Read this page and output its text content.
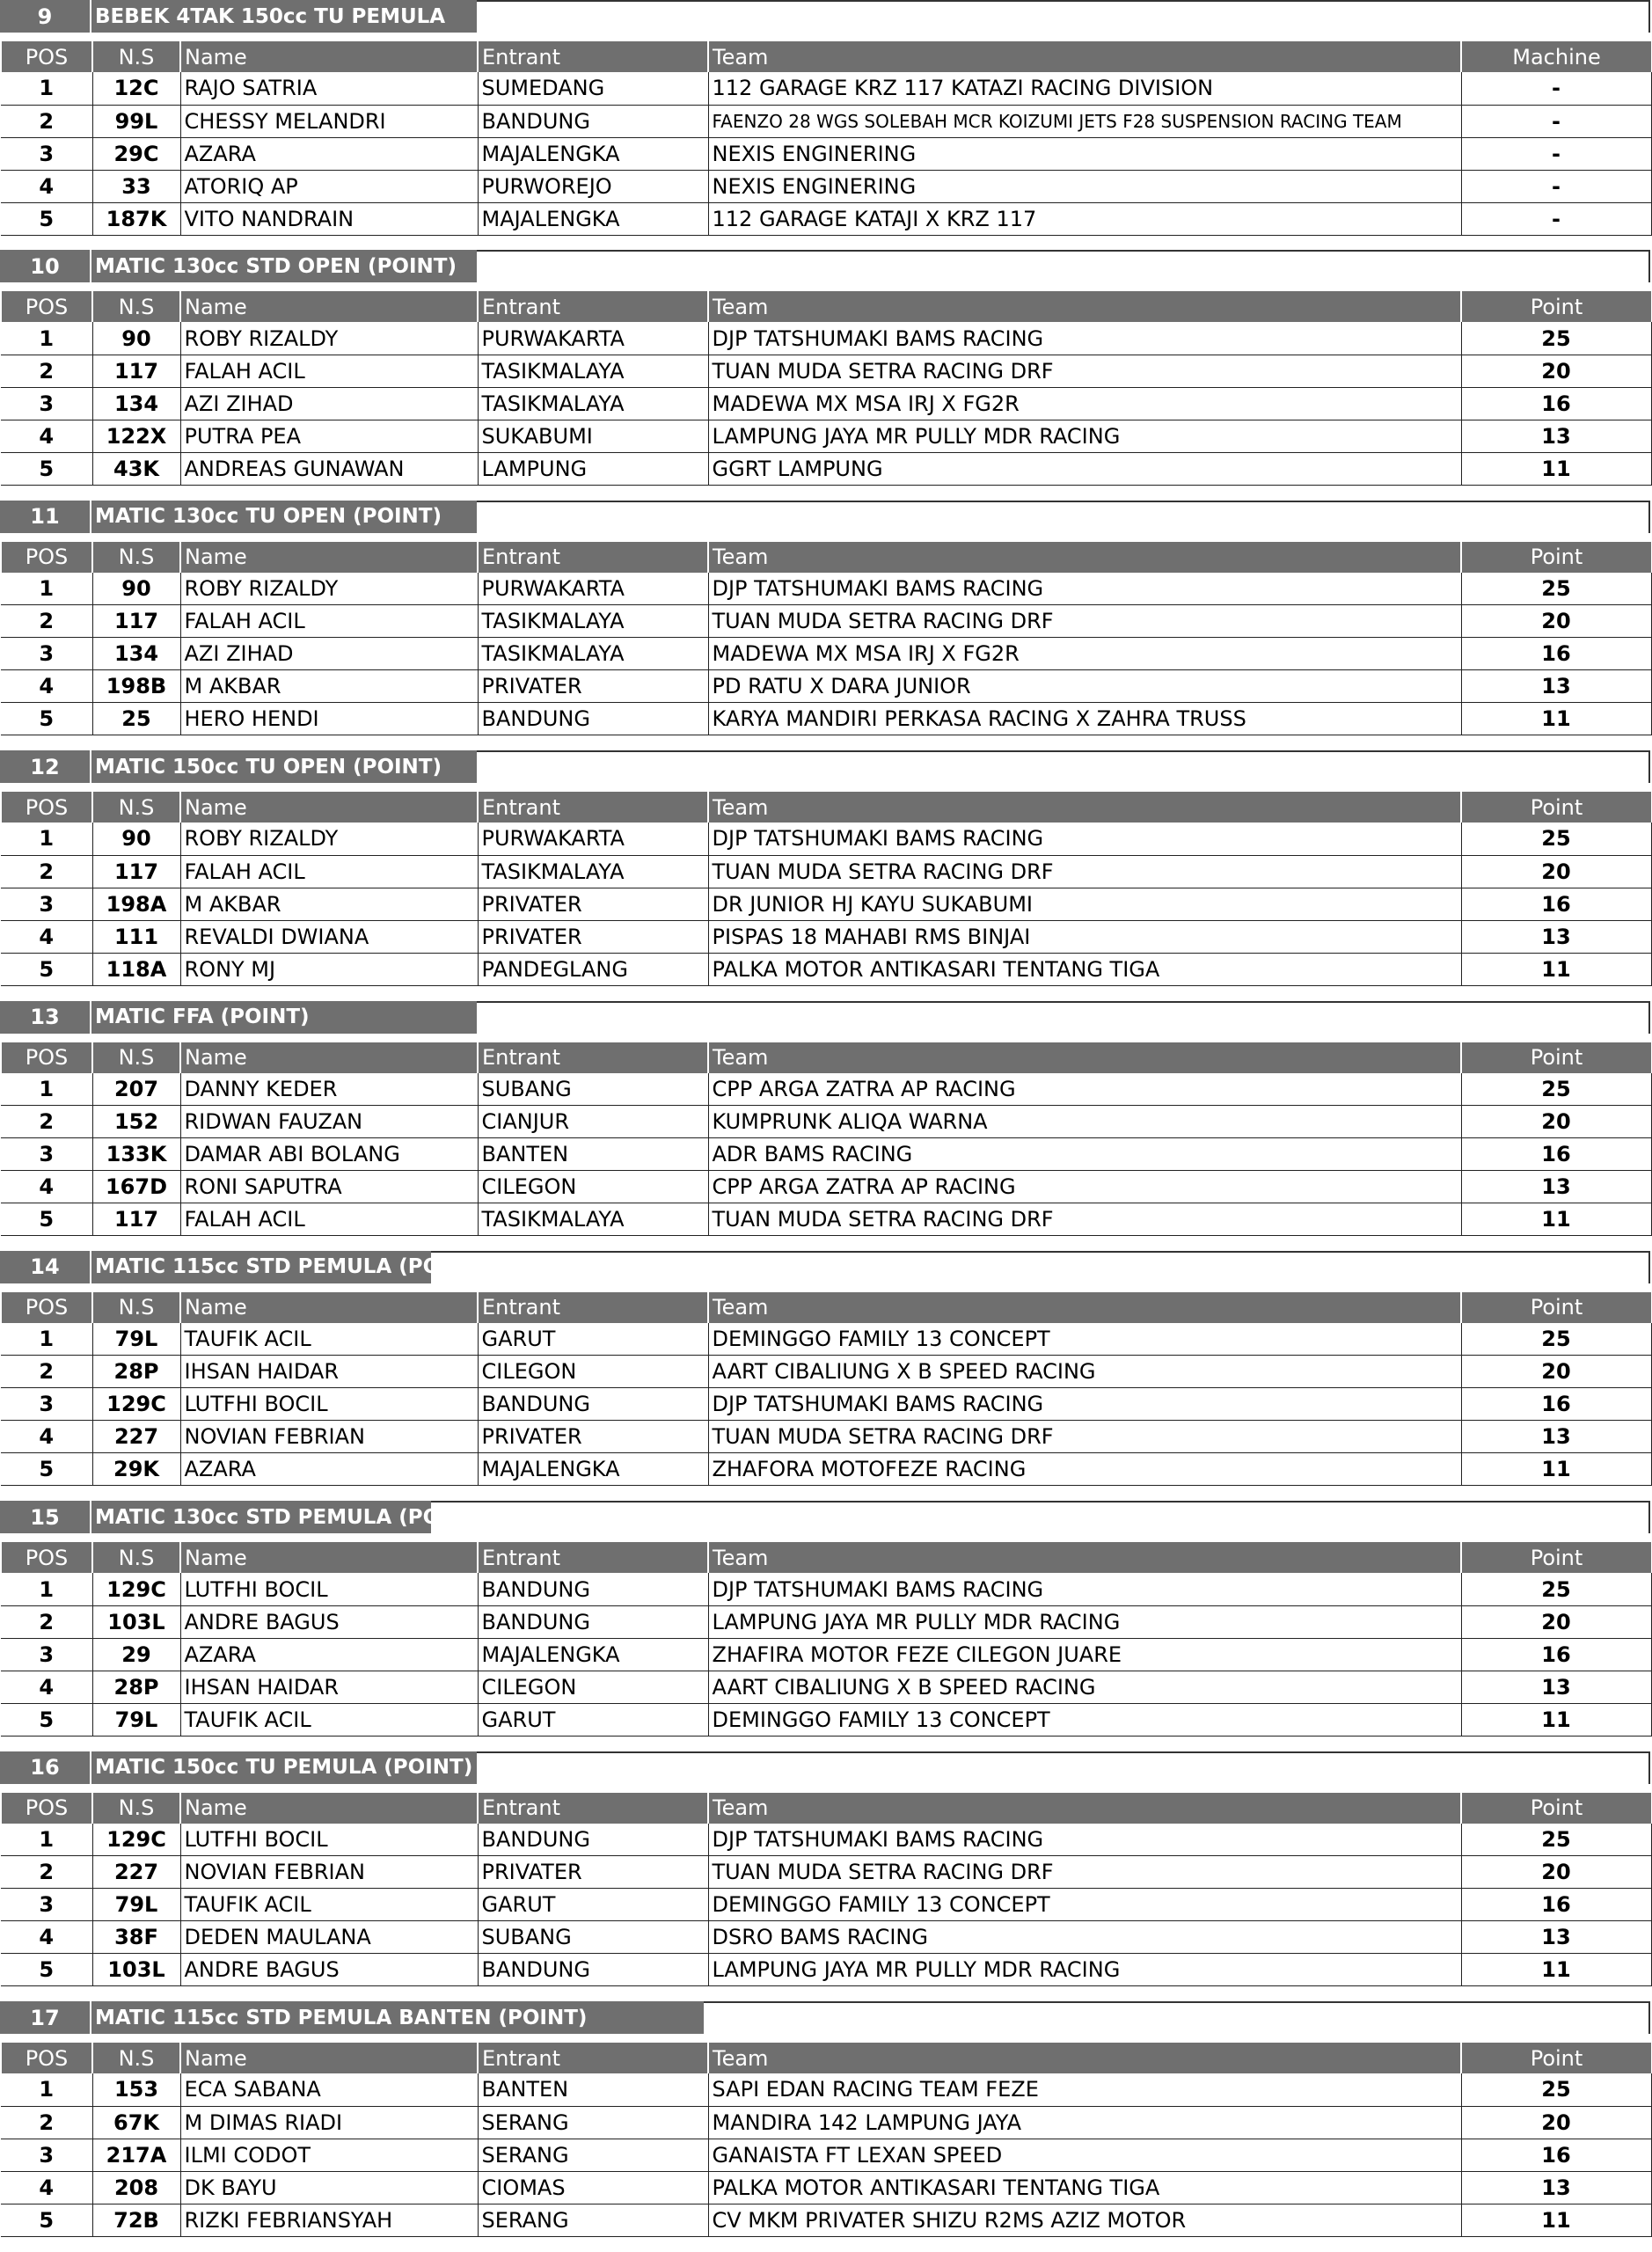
9	BEBEK 4TAK 150cc TU PEMULA
POS	N.S	Name	Entrant	Team	Machine
1	12C	RAJO SATRIA	SUMEDANG	112 GARAGE KRZ 117 KATAZI RACING DIVISION	-
2	99L	CHESSY MELANDRI	BANDUNG	FAENZO 28 WGS SOLEBAH MCR KOIZUMI JETS F28 SUSPENSION RACING TEAM	-
3	29C	AZARA	MAJALENGKA	NEXIS ENGINERING	-
4	33	ATORIQ AP	PURWOREJO	NEXIS ENGINERING	-
5	187K	VITO NANDRAIN	MAJALENGKA	112 GARAGE KATAJI X KRZ 117	-
10	MATIC 130cc STD OPEN (POINT)
POS	N.S	Name	Entrant	Team	Point
1	90	ROBY RIZALDY	PURWAKARTA	DJP TATSHUMAKI BAMS RACING	25
2	117	FALAH ACIL	TASIKMALAYA	TUAN MUDA SETRA RACING DRF	20
3	134	AZI ZIHAD	TASIKMALAYA	MADEWA MX MSA IRJ X FG2R	16
4	122X	PUTRA PEA	SUKABUMI	LAMPUNG JAYA MR PULLY MDR RACING	13
5	43K	ANDREAS GUNAWAN	LAMPUNG	GGRT LAMPUNG	11
11	MATIC 130cc TU OPEN (POINT)
POS	N.S	Name	Entrant	Team	Point
1	90	ROBY RIZALDY	PURWAKARTA	DJP TATSHUMAKI BAMS RACING	25
2	117	FALAH ACIL	TASIKMALAYA	TUAN MUDA SETRA RACING DRF	20
3	134	AZI ZIHAD	TASIKMALAYA	MADEWA MX MSA IRJ X FG2R	16
4	198B	M AKBAR	PRIVATER	PD RATU X DARA JUNIOR	13
5	25	HERO HENDI	BANDUNG	KARYA MANDIRI PERKASA RACING X ZAHRA TRUSS	11
12	MATIC 150cc TU OPEN (POINT)
POS	N.S	Name	Entrant	Team	Point
1	90	ROBY RIZALDY	PURWAKARTA	DJP TATSHUMAKI BAMS RACING	25
2	117	FALAH ACIL	TASIKMALAYA	TUAN MUDA SETRA RACING DRF	20
3	198A	M AKBAR	PRIVATER	DR JUNIOR HJ KAYU SUKABUMI	16
4	111	REVALDI DWIANA	PRIVATER	PISPAS 18 MAHABI RMS BINJAI	13
5	118A	RONY MJ	PANDEGLANG	PALKA MOTOR ANTIKASARI TENTANG TIGA	11
13	MATIC FFA (POINT)
POS	N.S	Name	Entrant	Team	Point
1	207	DANNY KEDER	SUBANG	CPP ARGA ZATRA AP RACING	25
2	152	RIDWAN FAUZAN	CIANJUR	KUMPRUNK ALIQA WARNA	20
3	133K	DAMAR ABI BOLANG	BANTEN	ADR BAMS RACING	16
4	167D	RONI SAPUTRA	CILEGON	CPP ARGA ZATRA AP RACING	13
5	117	FALAH ACIL	TASIKMALAYA	TUAN MUDA SETRA RACING DRF	11
14	MATIC 115cc STD PEMULA (POINT)
POS	N.S	Name	Entrant	Team	Point
1	79L	TAUFIK ACIL	GARUT	DEMINGGO FAMILY 13 CONCEPT	25
2	28P	IHSAN HAIDAR	CILEGON	AART CIBALIUNG X B SPEED RACING	20
3	129C	LUTFHI BOCIL	BANDUNG	DJP TATSHUMAKI BAMS RACING	16
4	227	NOVIAN FEBRIAN	PRIVATER	TUAN MUDA SETRA RACING DRF	13
5	29K	AZARA	MAJALENGKA	ZHAFORA MOTOFEZE RACING	11
15	MATIC 130cc STD PEMULA (POINT)
POS	N.S	Name	Entrant	Team	Point
1	129C	LUTFHI BOCIL	BANDUNG	DJP TATSHUMAKI BAMS RACING	25
2	103L	ANDRE BAGUS	BANDUNG	LAMPUNG JAYA MR PULLY MDR RACING	20
3	29	AZARA	MAJALENGKA	ZHAFIRA MOTOR FEZE CILEGON JUARE	16
4	28P	IHSAN HAIDAR	CILEGON	AART CIBALIUNG X B SPEED RACING	13
5	79L	TAUFIK ACIL	GARUT	DEMINGGO FAMILY 13 CONCEPT	11
16	MATIC 150cc TU PEMULA (POINT)
POS	N.S	Name	Entrant	Team	Point
1	129C	LUTFHI BOCIL	BANDUNG	DJP TATSHUMAKI BAMS RACING	25
2	227	NOVIAN FEBRIAN	PRIVATER	TUAN MUDA SETRA RACING DRF	20
3	79L	TAUFIK ACIL	GARUT	DEMINGGO FAMILY 13 CONCEPT	16
4	38F	DEDEN MAULANA	SUBANG	DSRO BAMS RACING	13
5	103L	ANDRE BAGUS	BANDUNG	LAMPUNG JAYA MR PULLY MDR RACING	11
17	MATIC 115cc STD PEMULA BANTEN (POINT)
POS	N.S	Name	Entrant	Team	Point
1	153	ECA SABANA	BANTEN	SAPI EDAN RACING TEAM FEZE	25
2	67K	M DIMAS RIADI	SERANG	MANDIRA 142 LAMPUNG JAYA	20
3	217A	ILMI CODOT	SERANG	GANAISTA FT LEXAN SPEED	16
4	208	DK BAYU	CIOMAS	PALKA MOTOR ANTIKASARI TENTANG TIGA	13
5	72B	RIZKI FEBRIANSYAH	SERANG	CV MKM PRIVATER SHIZU R2MS AZIZ MOTOR	11
